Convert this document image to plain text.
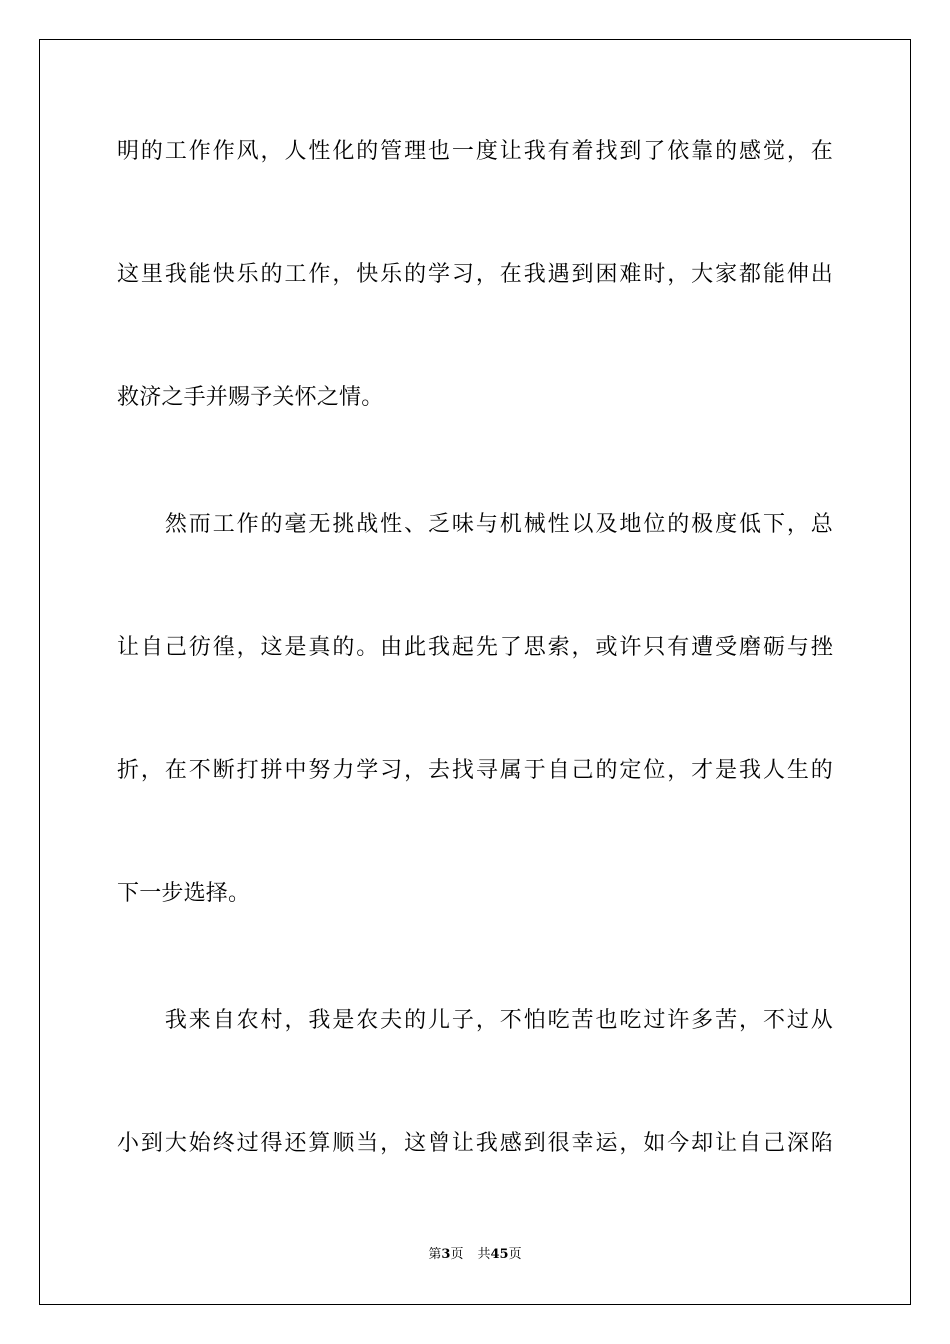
明的工作作风，人性化的管理也一度让我有着找到了依靠的感觉，在
这里我能快乐的工作，快乐的学习，在我遇到困难时，大家都能伸出
救济之手并赐予关怀之情。
　　然而工作的毫无挑战性、乏味与机械性以及地位的极度低下，总
让自己彷徨，这是真的。由此我起先了思索，或许只有遭受磨砺与挫
折，在不断打拼中努力学习，去找寻属于自己的定位，才是我人生的
下一步选择。
　　我来自农村，我是农夫的儿子，不怕吃苦也吃过许多苦，不过从
小到大始终过得还算顺当，这曾让我感到很幸运，如今却让自己深陷
第3页 共45页
